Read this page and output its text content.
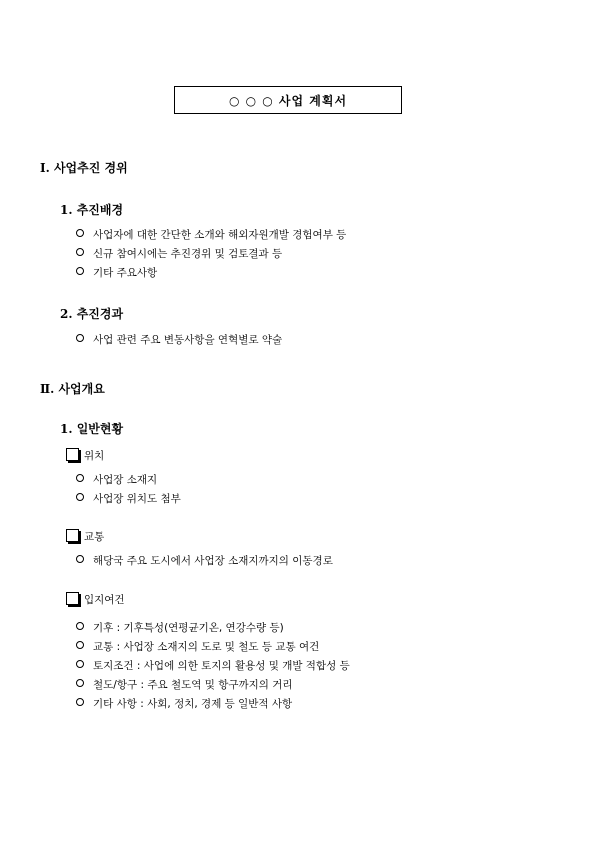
○ ○ ○ 사업 계획서
Ⅰ. 사업추진 경위
1. 추진배경
사업자에 대한 간단한 소개와 해외자원개발 경험여부 등
신규 참여시에는 추진경위 및 검토결과 등
기타 주요사항
2. 추진경과
사업 관련 주요 변동사항을 연혁별로 약술
Ⅱ. 사업개요
1. 일반현황
위치
사업장 소재지
사업장 위치도 첨부
교통
해당국 주요 도시에서 사업장 소재지까지의 이동경로
입지여건
기후 : 기후특성(연평균기온, 연강수량 등)
교통 : 사업장 소재지의 도로 및 철도 등 교통 여건
토지조건 : 사업에 의한 토지의 활용성 및 개발 적합성 등
철도/항구 : 주요 철도역 및 항구까지의 거리
기타 사항 : 사회, 정치, 경제 등 일반적 사항
